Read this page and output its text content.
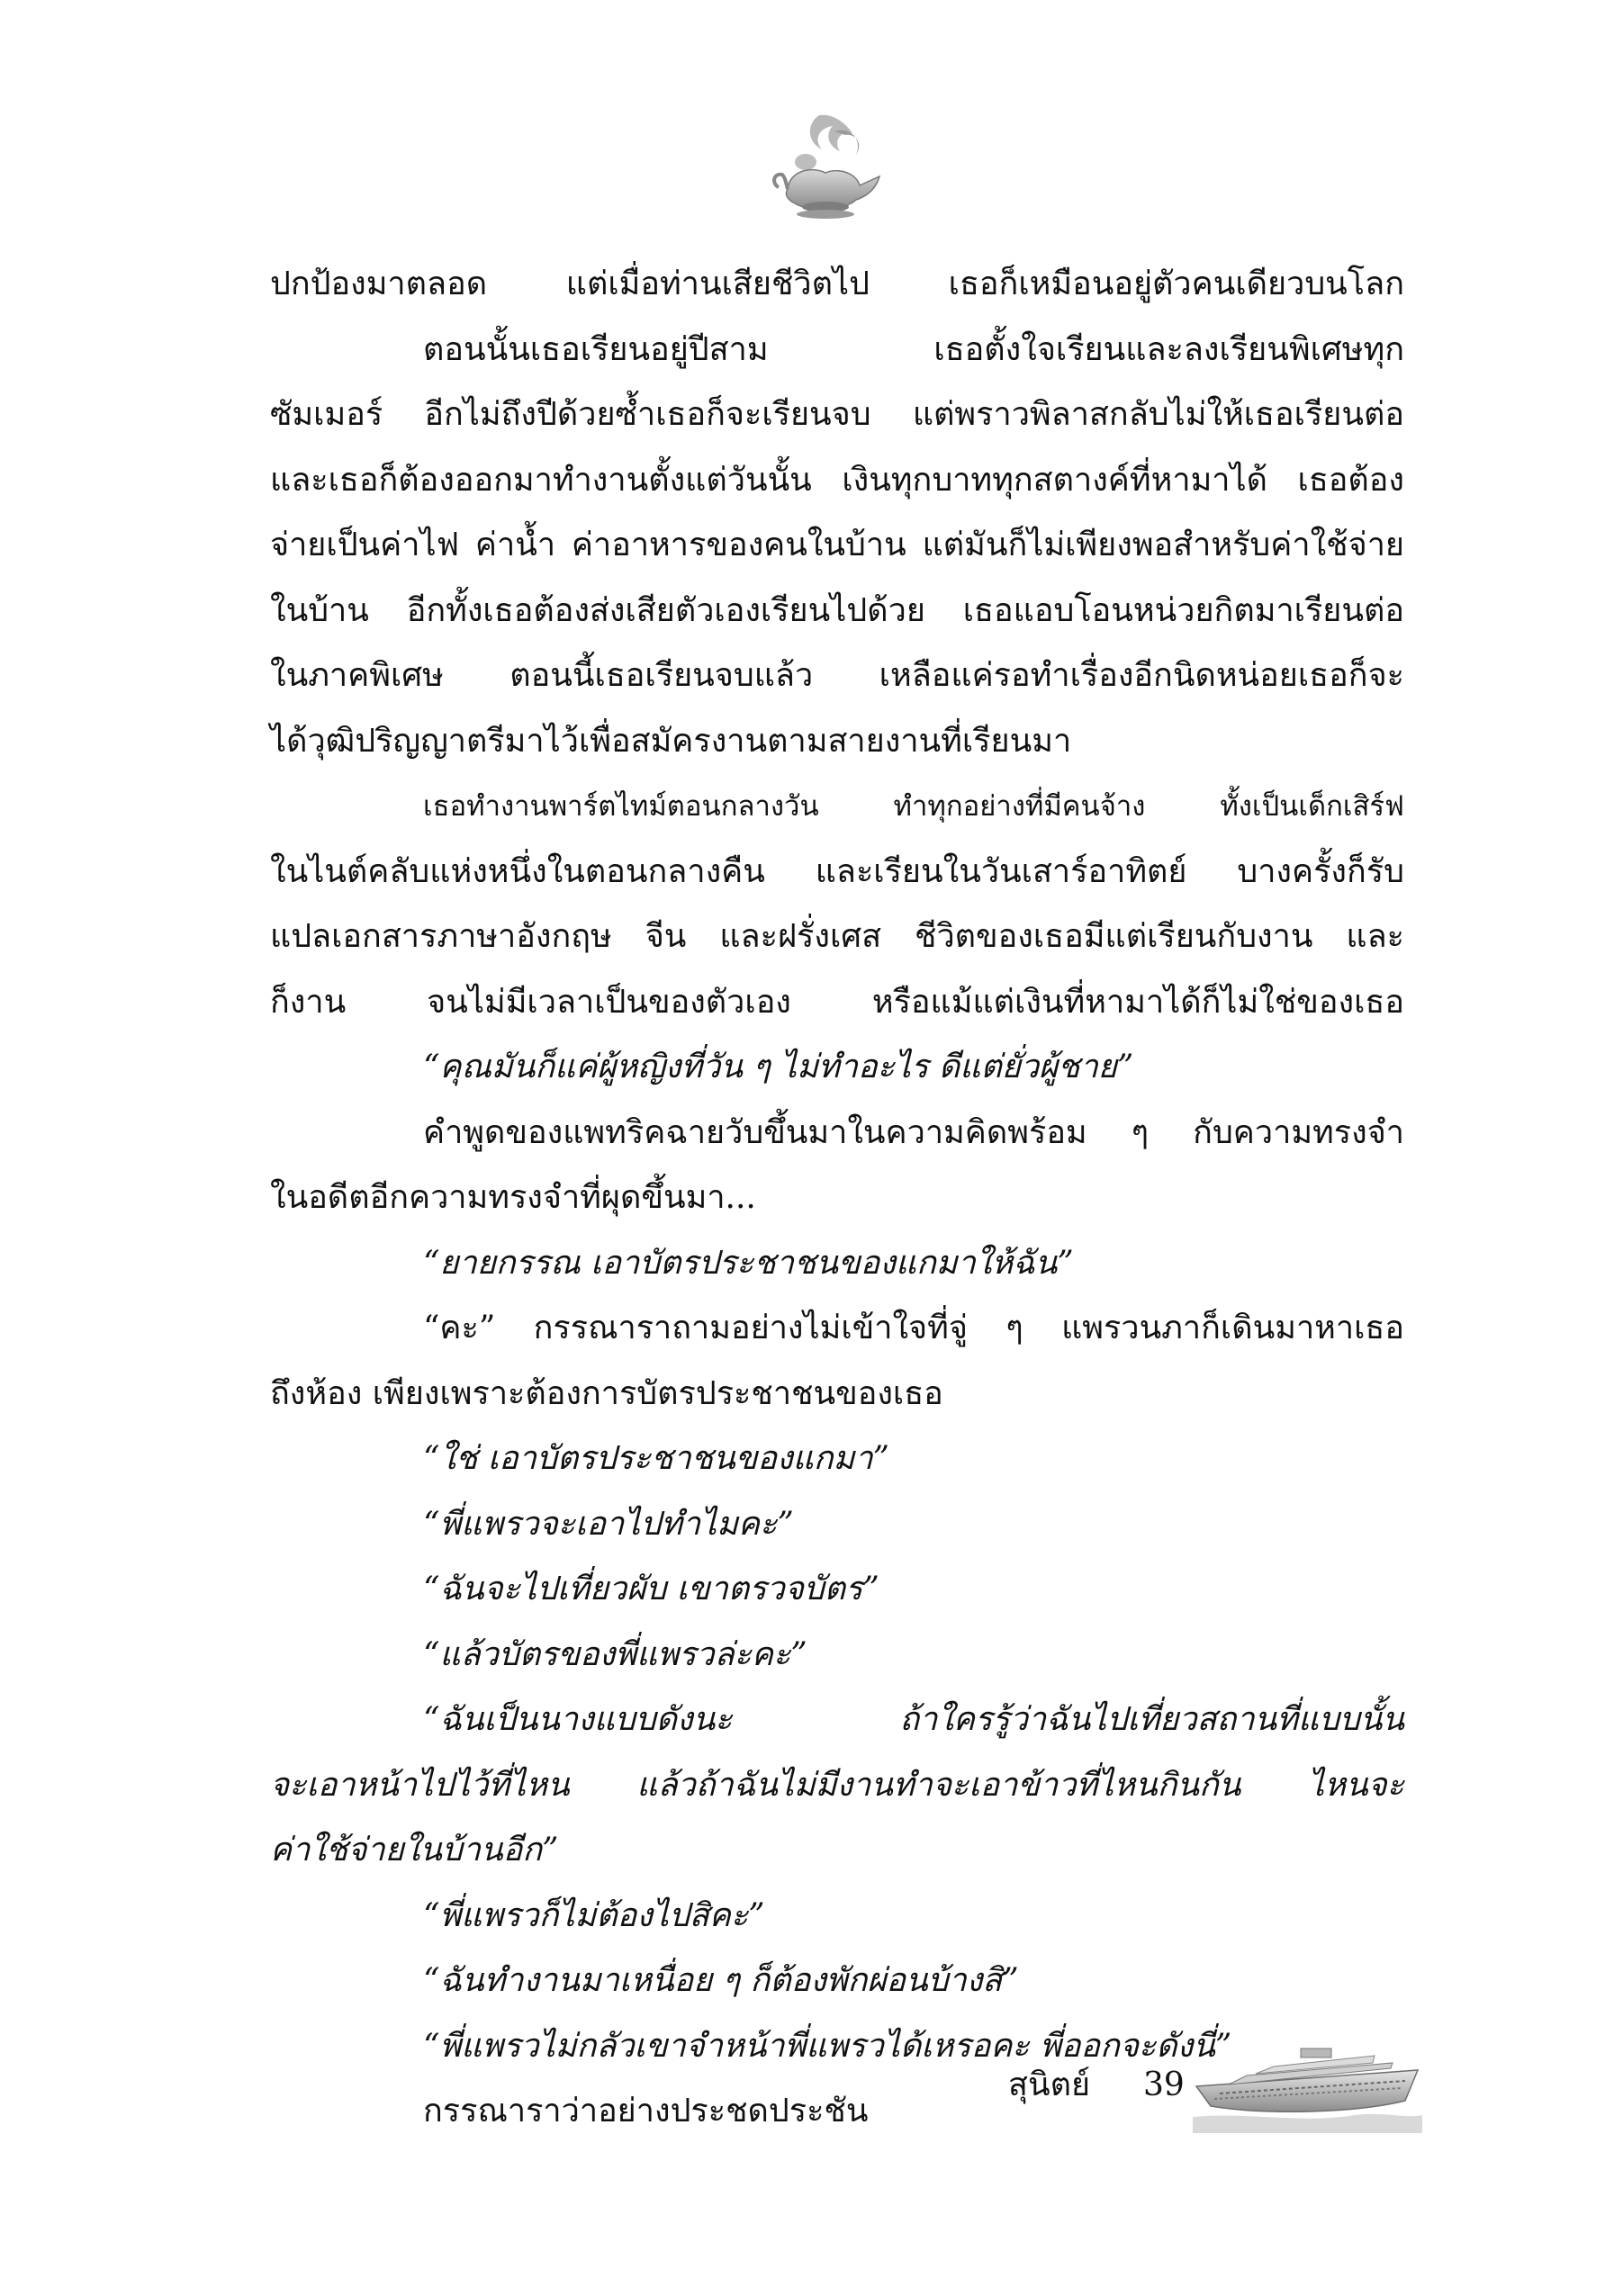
ปกป้องมาตลอด แต่เมื่อท่านเสียชีวิตไป เธอก็เหมือนอยู่ตัวคนเดียวบนโลก
ตอนนั้นเธอเรียนอยู่ปีสาม เธอตั้งใจเรียนและลงเรียนพิเศษทุก
ซัมเมอร์ อีกไม่ถึงปีด้วยซ้ำเธอก็จะเรียนจบ แต่พราวพิลาสกลับไม่ให้เธอเรียนต่อ
และเธอก็ต้องออกมาทำงานตั้งแต่วันนั้น เงินทุกบาททุกสตางค์ที่หามาได้ เธอต้อง
จ่ายเป็นค่าไฟ ค่าน้ำ ค่าอาหารของคนในบ้าน แต่มันก็ไม่เพียงพอสำหรับค่าใช้จ่าย
ในบ้าน อีกทั้งเธอต้องส่งเสียตัวเองเรียนไปด้วย เธอแอบโอนหน่วยกิตมาเรียนต่อ
ในภาคพิเศษ ตอนนี้เธอเรียนจบแล้ว เหลือแค่รอทำเรื่องอีกนิดหน่อยเธอก็จะ
ได้วุฒิปริญญาตรีมาไว้เพื่อสมัครงานตามสายงานที่เรียนมา
เธอทำงานพาร์ตไทม์ตอนกลางวัน ทำทุกอย่างที่มีคนจ้าง ทั้งเป็นเด็กเสิร์ฟ
ในไนต์คลับแห่งหนึ่งในตอนกลางคืน และเรียนในวันเสาร์อาทิตย์ บางครั้งก็รับ
แปลเอกสารภาษาอังกฤษ จีน และฝรั่งเศส ชีวิตของเธอมีแต่เรียนกับงาน และ
ก็งาน จนไม่มีเวลาเป็นของตัวเอง หรือแม้แต่เงินที่หามาได้ก็ไม่ใช่ของเธอ
“คุณมันก็แค่ผู้หญิงที่วัน ๆ ไม่ทำอะไร ดีแต่ยั่วผู้ชาย”
คำพูดของแพทริคฉายวับขึ้นมาในความคิดพร้อม ๆ กับความทรงจำ
ในอดีตอีกความทรงจำที่ผุดขึ้นมา...
“ยายกรรณ เอาบัตรประชาชนของแกมาให้ฉัน”
“คะ” กรรณาราถามอย่างไม่เข้าใจที่จู่ ๆ แพรวนภาก็เดินมาหาเธอ
ถึงห้อง เพียงเพราะต้องการบัตรประชาชนของเธอ
“ใช่ เอาบัตรประชาชนของแกมา”
“พี่แพรวจะเอาไปทำไมคะ”
“ฉันจะไปเที่ยวผับ เขาตรวจบัตร”
“แล้วบัตรของพี่แพรวล่ะคะ”
“ฉันเป็นนางแบบดังนะ ถ้าใครรู้ว่าฉันไปเที่ยวสถานที่แบบนั้น
จะเอาหน้าไปไว้ที่ไหน แล้วถ้าฉันไม่มีงานทำจะเอาข้าวที่ไหนกินกัน ไหนจะ
ค่าใช้จ่ายในบ้านอีก”
“พี่แพรวก็ไม่ต้องไปสิคะ”
“ฉันทำงานมาเหนื่อย ๆ ก็ต้องพักผ่อนบ้างสิ”
“พี่แพรวไม่กลัวเขาจำหน้าพี่แพรวได้เหรอคะ พี่ออกจะดังนี่”
กรรณาราว่าอย่างประชดประชัน
สุนิตย์ 39
